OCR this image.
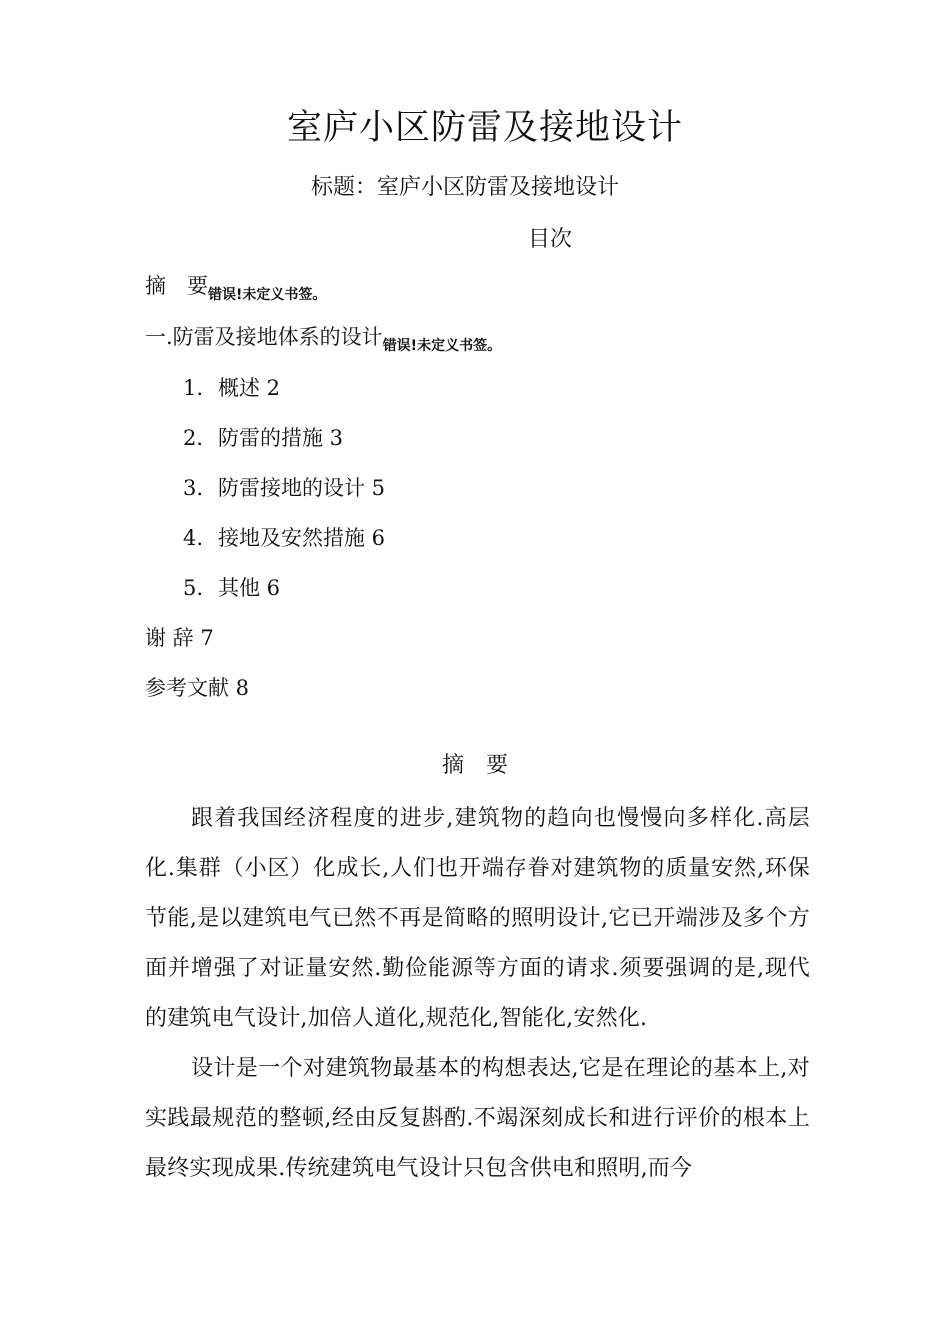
室庐小区防雷及接地设计
标题：室庐小区防雷及接地设计
目次
摘　要$_{错误!未定义书签。}$
一.防雷及接地体系的设计$_{错误!未定义书签。}$
1. 概述 2
2. 防雷的措施 3
3. 防雷接地的设计 5
4. 接地及安然措施 6
5. 其他 6
谢 辞 7
参考文献 8
摘　要
跟着我国经济程度的进步,建筑物的趋向也慢慢向多样化.高层化.集群（小区）化成长,人们也开端存眷对建筑物的质量安然,环保节能,是以建筑电气已然不再是简略的照明设计,它已开端涉及多个方面并增强了对证量安然.勤俭能源等方面的请求.须要强调的是,现代的建筑电气设计,加倍人道化,规范化,智能化,安然化.
设计是一个对建筑物最基本的构想表达,它是在理论的基本上,对实践最规范的整顿,经由反复斟酌.不竭深刻成长和进行评价的根本上最终实现成果.传统建筑电气设计只包含供电和照明,而今
